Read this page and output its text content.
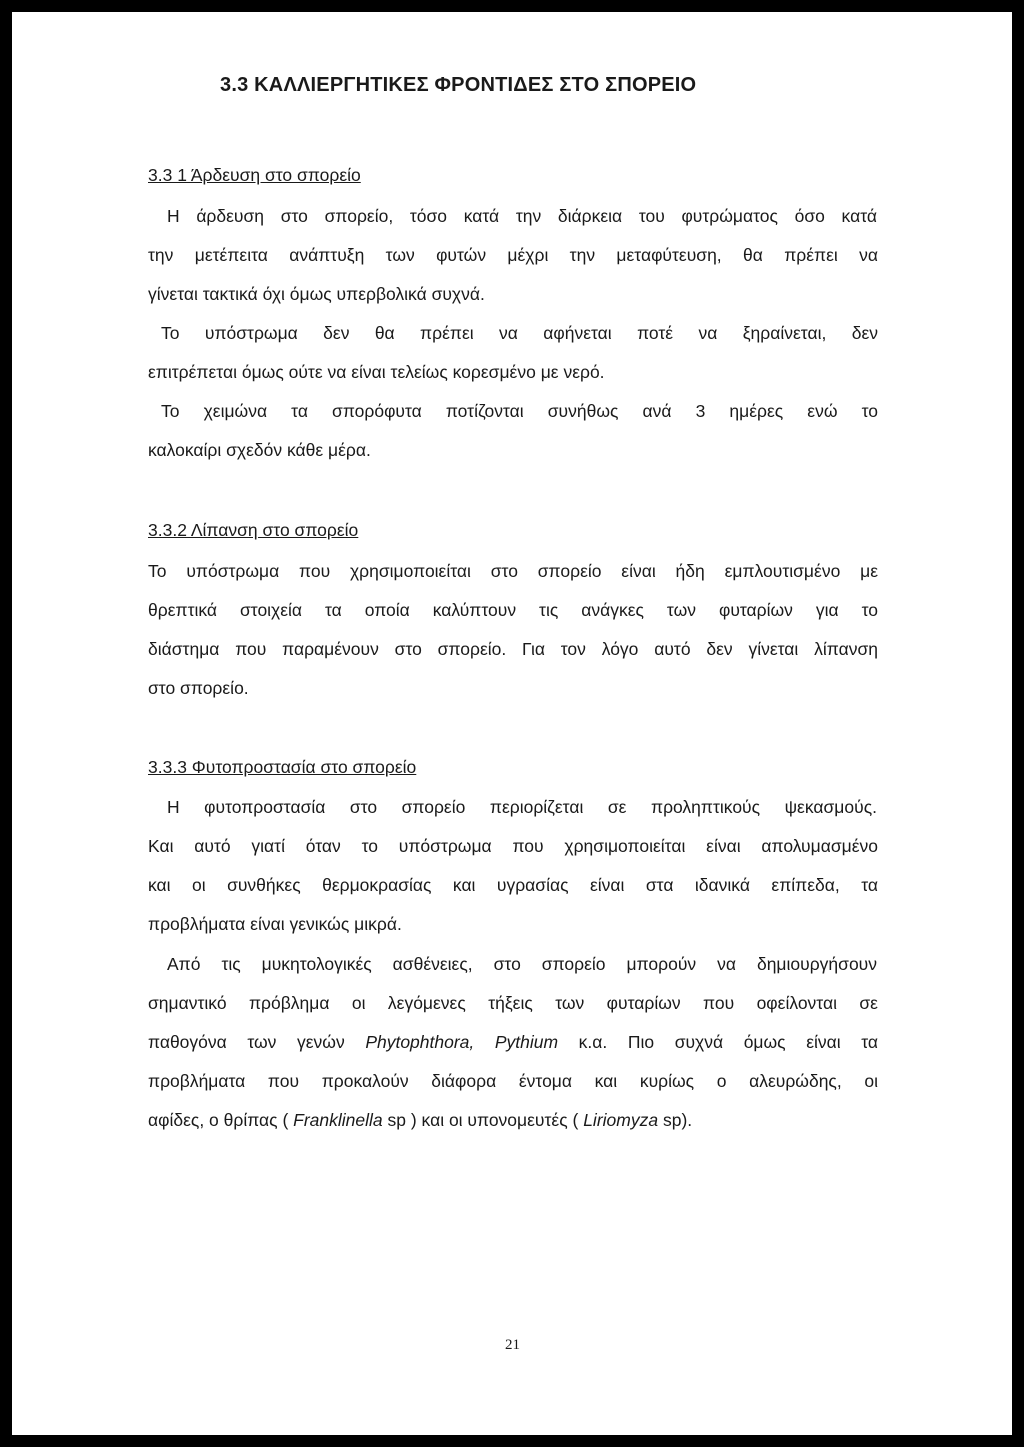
3.3 ΚΑΛΛΙΕΡΓΗΤΙΚΕΣ ΦΡΟΝΤΙΔΕΣ ΣΤΟ ΣΠΟΡΕΙΟ
3.3 1 Άρδευση στο σπορείο
Η άρδευση στο σπορείο, τόσο κατά την διάρκεια του φυτρώματος όσο κατά
την μετέπειτα ανάπτυξη των φυτών μέχρι την μεταφύτευση, θα πρέπει να
γίνεται τακτικά όχι όμως υπερβολικά συχνά.
Το υπόστρωμα δεν θα πρέπει να αφήνεται ποτέ να ξηραίνεται, δεν
επιτρέπεται όμως ούτε να είναι τελείως κορεσμένο με νερό.
Το χειμώνα τα σπορόφυτα ποτίζονται συνήθως ανά 3 ημέρες ενώ το
καλοκαίρι σχεδόν κάθε μέρα.
3.3.2 Λίπανση στο σπορείο
Το υπόστρωμα που χρησιμοποιείται στο σπορείο είναι ήδη εμπλουτισμένο με
θρεπτικά στοιχεία τα οποία καλύπτουν τις ανάγκες των φυταρίων για το
διάστημα που παραμένουν στο σπορείο. Για τον λόγο αυτό δεν γίνεται λίπανση
στο σπορείο.
3.3.3 Φυτοπροστασία στο σπορείο
Η φυτοπροστασία στο σπορείο περιορίζεται σε προληπτικούς ψεκασμούς.
Και αυτό γιατί όταν το υπόστρωμα που χρησιμοποιείται είναι απολυμασμένο
και οι συνθήκες θερμοκρασίας και υγρασίας είναι στα ιδανικά επίπεδα, τα
προβλήματα είναι γενικώς μικρά.
Από τις μυκητολογικές ασθένειες, στο σπορείο μπορούν να δημιουργήσουν
σημαντικό πρόβλημα οι λεγόμενες τήξεις των φυταρίων που οφείλονται σε
παθογόνα των γενών Phytophthora, Pythium κ.α. Πιο συχνά όμως είναι τα
προβλήματα που προκαλούν διάφορα έντομα και κυρίως ο αλευρώδης, οι
αφίδες, ο θρίπας ( Franklinella sp ) και οι υπονομευτές ( Liriomyza sp).
21
